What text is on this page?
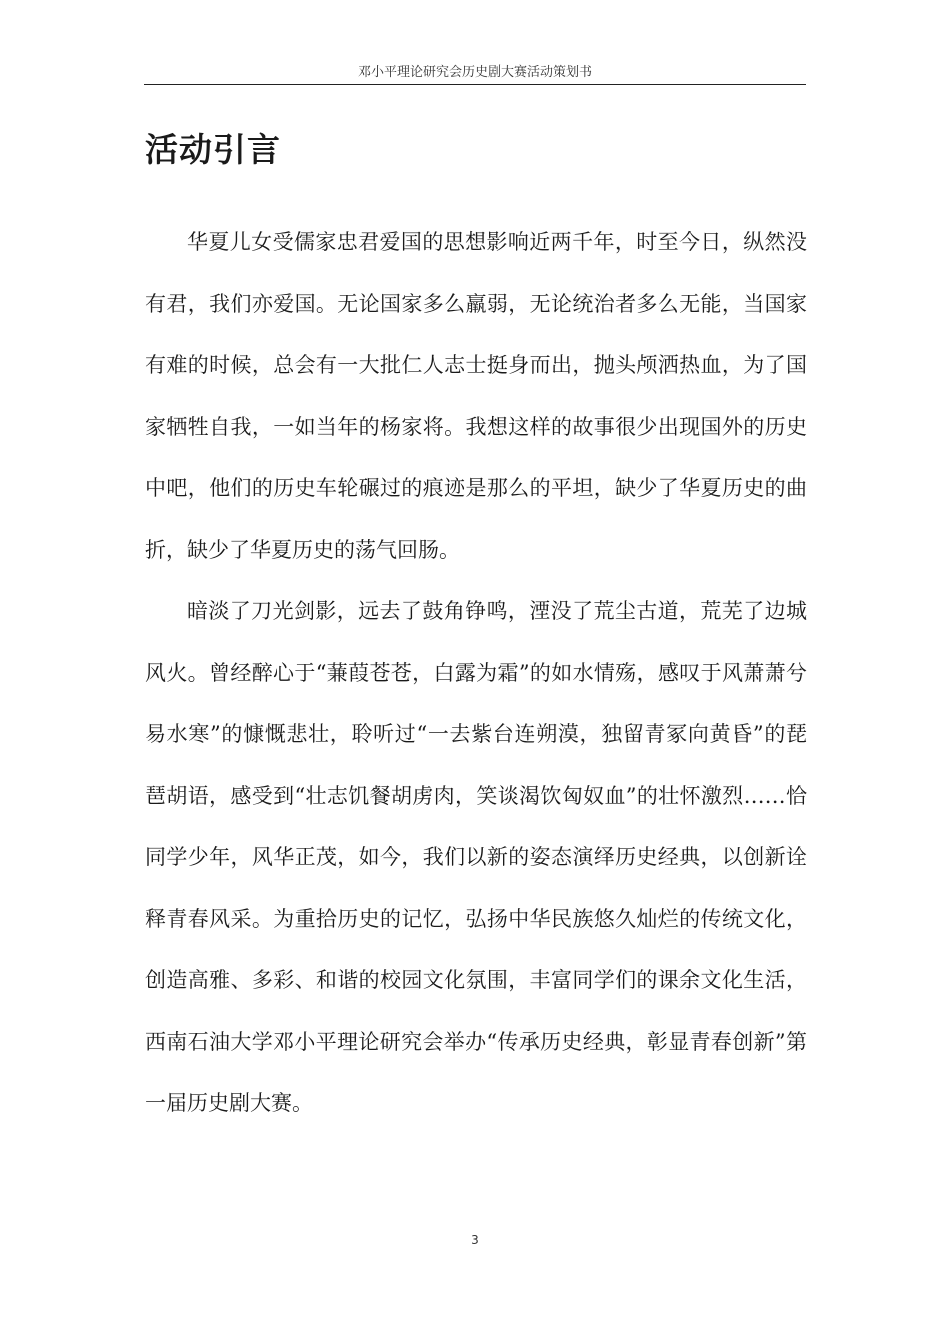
邓小平理论研究会历史剧大赛活动策划书
活动引言

华夏儿女受儒家忠君爱国的思想影响近两千年，时至今日，纵然没有君，我们亦爱国。无论国家多么羸弱，无论统治者多么无能，当国家有难的时候，总会有一大批仁人志士挺身而出，抛头颅洒热血，为了国家牺牲自我，一如当年的杨家将。我想这样的故事很少出现国外的历史中吧，他们的历史车轮碾过的痕迹是那么的平坦，缺少了华夏历史的曲折，缺少了华夏历史的荡气回肠。

暗淡了刀光剑影，远去了鼓角铮鸣，湮没了荒尘古道，荒芜了边城风火。曾经醉心于“蒹葭苍苍，白露为霜”的如水情殇，感叹于风萧萧兮易水寒”的慷慨悲壮，聆听过“一去紫台连朔漠，独留青冢向黄昏”的琵琶胡语，感受到“壮志饥餐胡虏肉，笑谈渴饮匈奴血”的壮怀激烈……恰同学少年，风华正茂，如今，我们以新的姿态演绎历史经典，以创新诠释青春风采。为重拾历史的记忆，弘扬中华民族悠久灿烂的传统文化，创造高雅、多彩、和谐的校园文化氛围，丰富同学们的课余文化生活，西南石油大学邓小平理论研究会举办“传承历史经典，彰显青春创新”第一届历史剧大赛。

3
